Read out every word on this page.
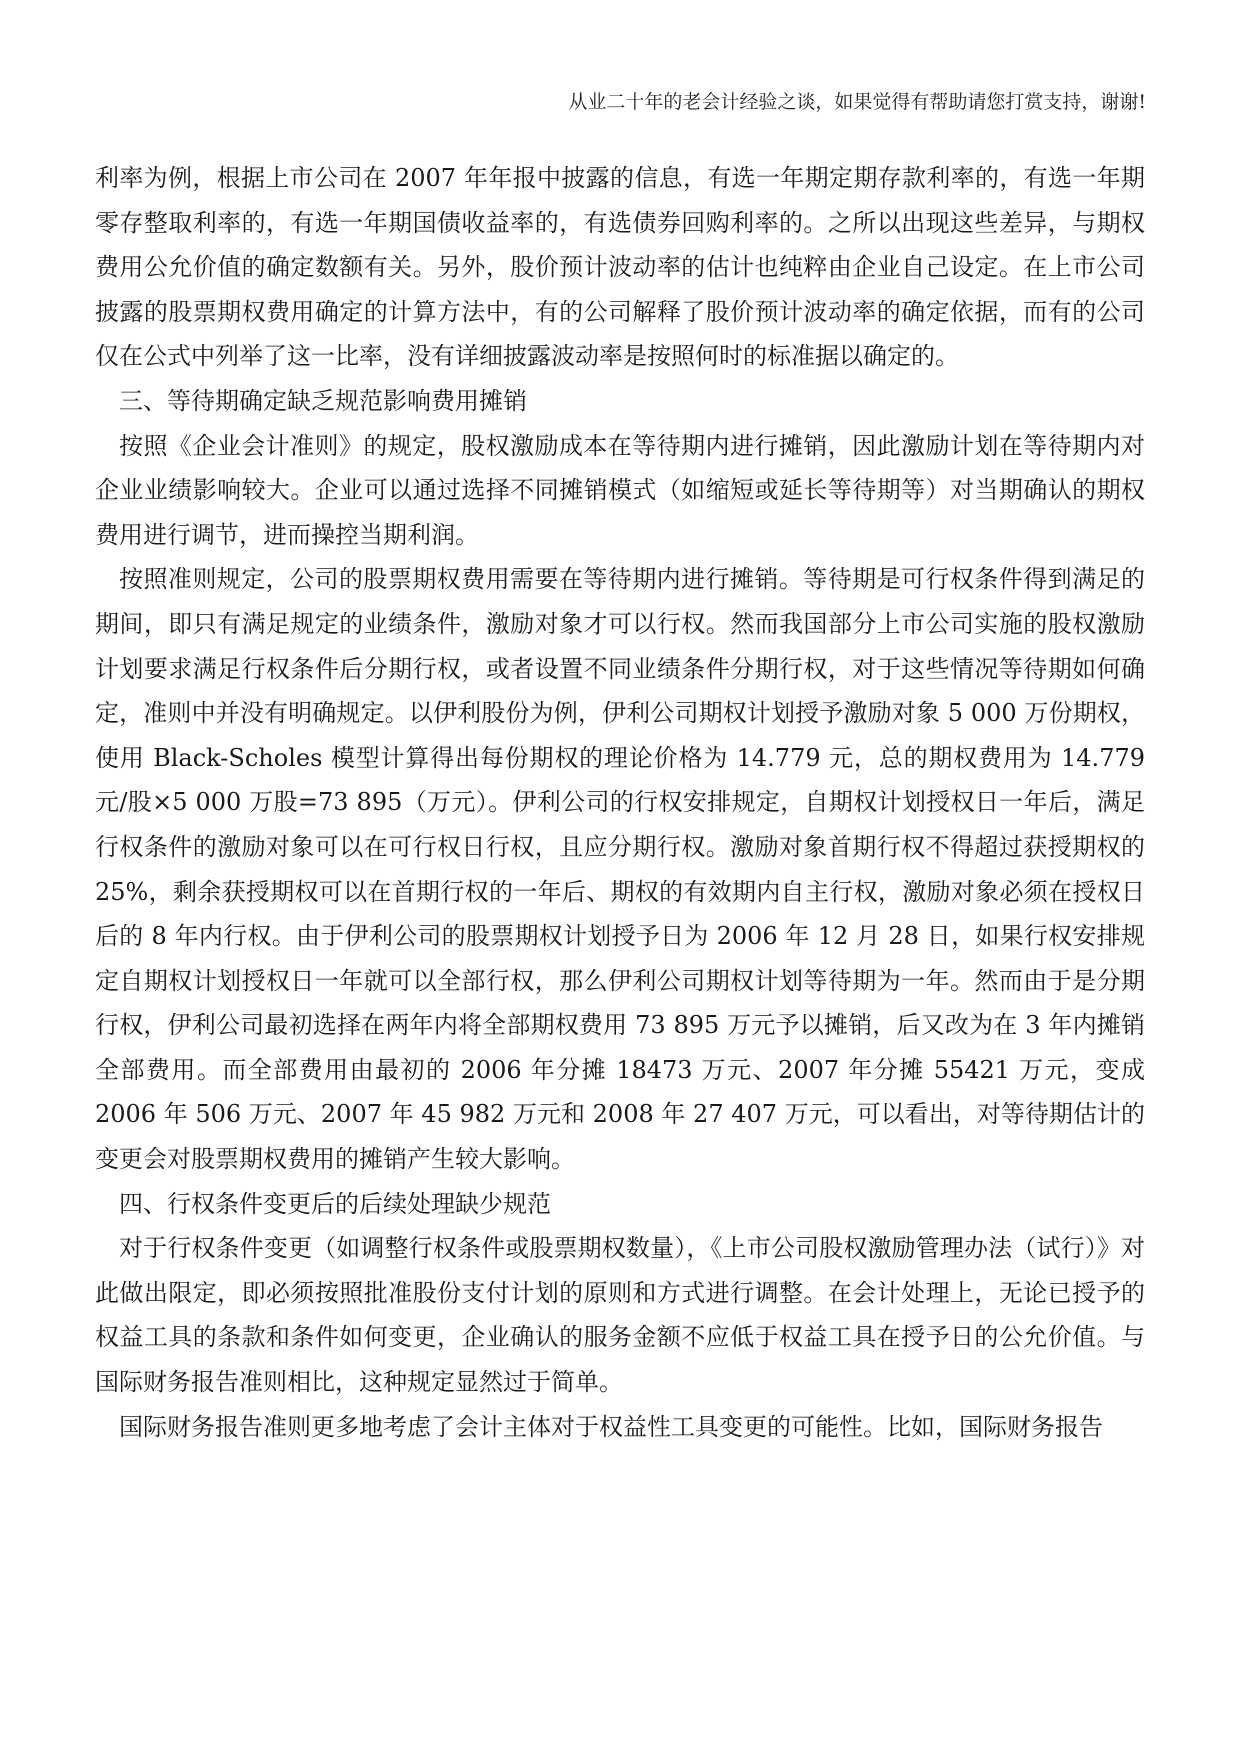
从业二十年的老会计经验之谈，如果觉得有帮助请您打赏支持，谢谢!

利率为例，根据上市公司在 2007 年年报中披露的信息，有选一年期定期存款利率的，有选一年期零存整取利率的，有选一年期国债收益率的，有选债券回购利率的。之所以出现这些差异，与期权费用公允价值的确定数额有关。另外，股价预计波动率的估计也纯粹由企业自己设定。在上市公司披露的股票期权费用确定的计算方法中，有的公司解释了股价预计波动率的确定依据，而有的公司仅在公式中列举了这一比率，没有详细披露波动率是按照何时的标准据以确定的。

三、等待期确定缺乏规范影响费用摊销

按照《企业会计准则》的规定，股权激励成本在等待期内进行摊销，因此激励计划在等待期内对企业业绩影响较大。企业可以通过选择不同摊销模式（如缩短或延长等待期等）对当期确认的期权费用进行调节，进而操控当期利润。

按照准则规定，公司的股票期权费用需要在等待期内进行摊销。等待期是可行权条件得到满足的期间，即只有满足规定的业绩条件，激励对象才可以行权。然而我国部分上市公司实施的股权激励计划要求满足行权条件后分期行权，或者设置不同业绩条件分期行权，对于这些情况等待期如何确定，准则中并没有明确规定。以伊利股份为例，伊利公司期权计划授予激励对象 5 000 万份期权，使用 Black-Scholes 模型计算得出每份期权的理论价格为 14.779 元，总的期权费用为 14.779 元/股×5 000 万股=73 895（万元）。伊利公司的行权安排规定，自期权计划授权日一年后，满足行权条件的激励对象可以在可行权日行权，且应分期行权。激励对象首期行权不得超过获授期权的 25%，剩余获授期权可以在首期行权的一年后、期权的有效期内自主行权，激励对象必须在授权日后的 8 年内行权。由于伊利公司的股票期权计划授予日为 2006 年 12 月 28 日，如果行权安排规定自期权计划授权日一年就可以全部行权，那么伊利公司期权计划等待期为一年。然而由于是分期行权，伊利公司最初选择在两年内将全部期权费用 73 895 万元予以摊销，后又改为在 3 年内摊销全部费用。而全部费用由最初的 2006 年分摊 18473 万元、2007 年分摊 55421 万元，变成 2006 年 506 万元、2007 年 45 982 万元和 2008 年 27 407 万元，可以看出，对等待期估计的变更会对股票期权费用的摊销产生较大影响。

四、行权条件变更后的后续处理缺少规范

对于行权条件变更（如调整行权条件或股票期权数量），《上市公司股权激励管理办法（试行）》对此做出限定，即必须按照批准股份支付计划的原则和方式进行调整。在会计处理上，无论已授予的权益工具的条款和条件如何变更，企业确认的服务金额不应低于权益工具在授予日的公允价值。与国际财务报告准则相比，这种规定显然过于简单。

国际财务报告准则更多地考虑了会计主体对于权益性工具变更的可能性。比如，国际财务报告
